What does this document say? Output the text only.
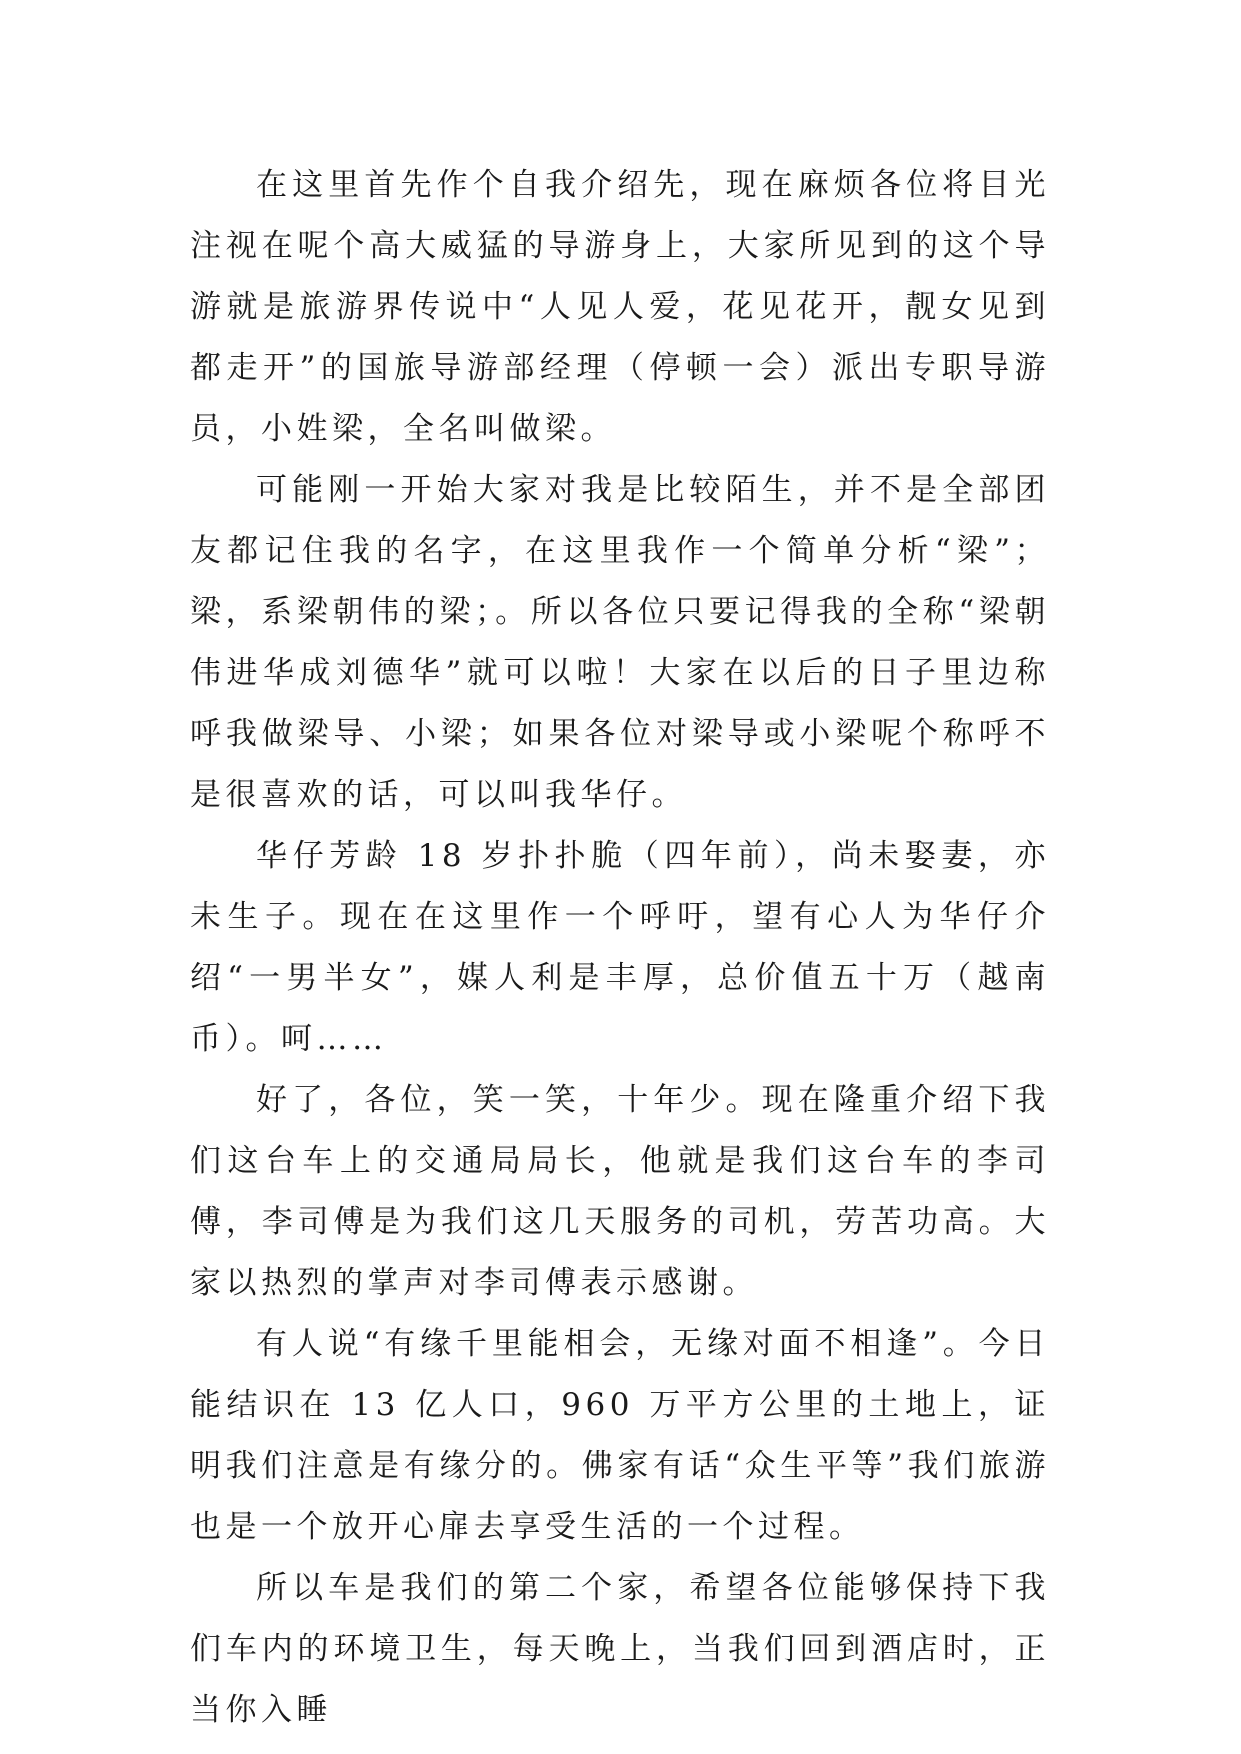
在这里首先作个自我介绍先，现在麻烦各位将目光注视在呢个高大威猛的导游身上，大家所见到的这个导游就是旅游界传说中“人见人爱，花见花开，靓女见到都走开”的国旅导游部经理（停顿一会）派出专职导游员，小姓梁，全名叫做梁。

可能刚一开始大家对我是比较陌生，并不是全部团友都记住我的名字，在这里我作一个简单分析“梁”；梁，系梁朝伟的梁；。所以各位只要记得我的全称“梁朝伟进华成刘德华”就可以啦！大家在以后的日子里边称呼我做梁导、小梁；如果各位对梁导或小梁呢个称呼不是很喜欢的话，可以叫我华仔。

华仔芳龄 18 岁扑扑脆（四年前），尚未娶妻，亦未生子。现在在这里作一个呼吁，望有心人为华仔介绍“一男半女”，媒人利是丰厚，总价值五十万（越南币）。呵……

好了，各位，笑一笑，十年少。现在隆重介绍下我们这台车上的交通局局长，他就是我们这台车的李司傅，李司傅是为我们这几天服务的司机，劳苦功高。大家以热烈的掌声对李司傅表示感谢。

有人说“有缘千里能相会，无缘对面不相逢”。今日能结识在 13 亿人口，960 万平方公里的土地上，证明我们注意是有缘分的。佛家有话“众生平等”我们旅游也是一个放开心扉去享受生活的一个过程。

所以车是我们的第二个家，希望各位能够保持下我们车内的环境卫生，每天晚上，当我们回到酒店时，正当你入睡
